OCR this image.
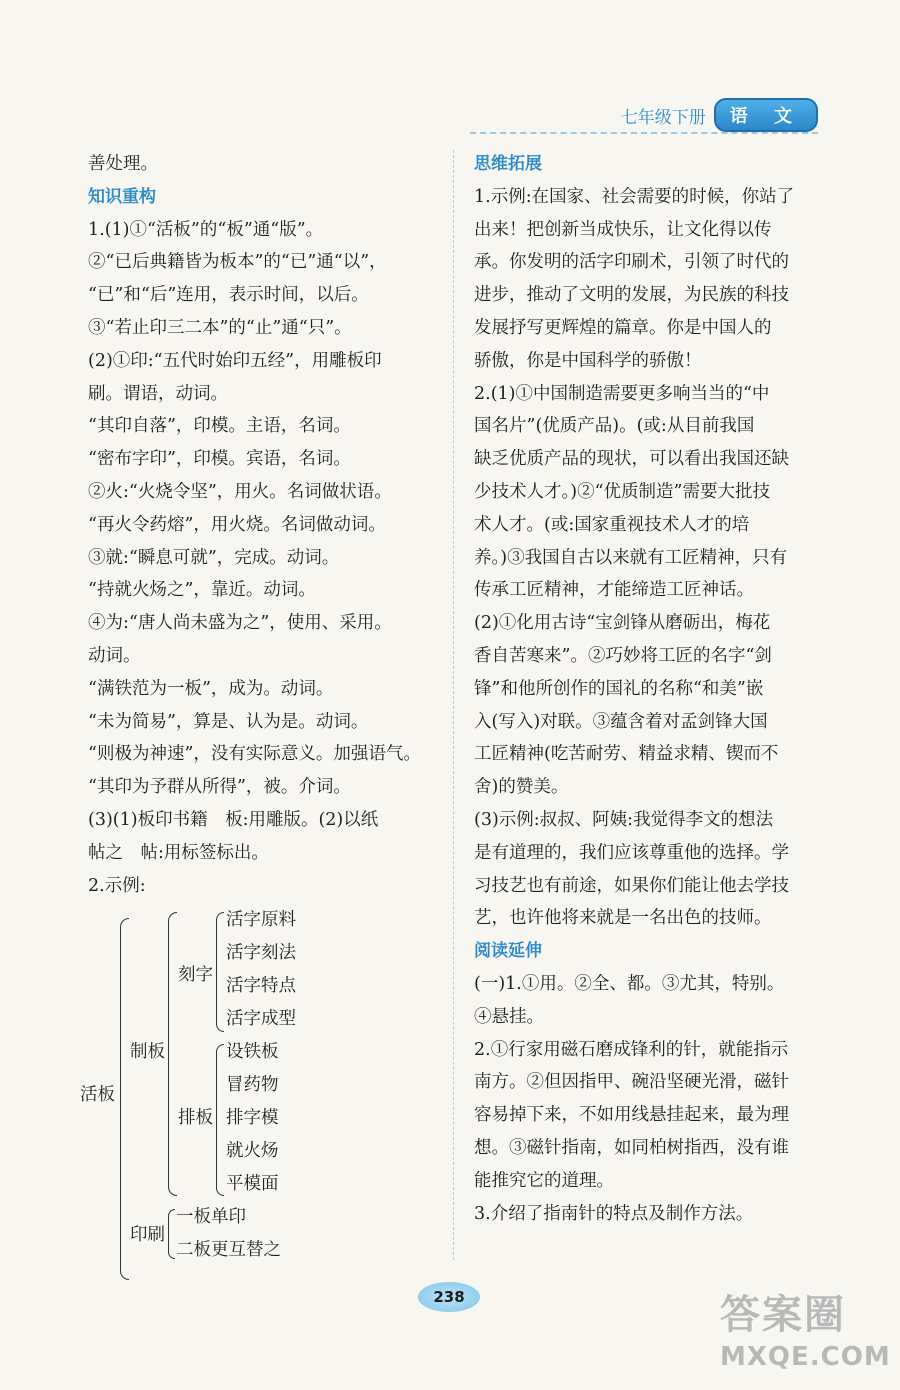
七年级下册	语 文
善处理。
知识重构
1.(1)①“活板”的“板”通“版”。
②“已后典籍皆为板本”的“已”通“以”，
“已”和“后”连用，表示时间，以后。
③“若止印三二本”的“止”通“只”。
(2)①印:“五代时始印五经”，用雕板印
刷。谓语，动词。
“其印自落”，印模。主语，名词。
“密布字印”，印模。宾语，名词。
②火:“火烧令坚”，用火。名词做状语。
“再火令药熔”，用火烧。名词做动词。
③就:“瞬息可就”，完成。动词。
“持就火炀之”，靠近。动词。
④为:“唐人尚未盛为之”，使用、采用。
动词。
“满铁范为一板”，成为。动词。
“未为简易”，算是、认为是。动词。
“则极为神速”，没有实际意义。加强语气。
“其印为予群从所得”，被。介词。
(3)(1)板印书籍　板:用雕版。(2)以纸
帖之　帖:用标签标出。
2.示例:
活板
制板
刻字
活字原料
活字刻法
活字特点
活字成型
排板
设铁板
冒药物
排字模
就火炀
平模面
印刷
一板单印
二板更互替之
思维拓展
1.示例:在国家、社会需要的时候，你站了
出来！把创新当成快乐，让文化得以传
承。你发明的活字印刷术，引领了时代的
进步，推动了文明的发展，为民族的科技
发展抒写更辉煌的篇章。你是中国人的
骄傲，你是中国科学的骄傲！
2.(1)①中国制造需要更多响当当的“中
国名片”(优质产品)。(或:从目前我国
缺乏优质产品的现状，可以看出我国还缺
少技术人才。)②“优质制造”需要大批技
术人才。(或:国家重视技术人才的培
养。)③我国自古以来就有工匠精神，只有
传承工匠精神，才能缔造工匠神话。
(2)①化用古诗“宝剑锋从磨砺出，梅花
香自苦寒来”。②巧妙将工匠的名字“剑
锋”和他所创作的国礼的名称“和美”嵌
入(写入)对联。③蕴含着对孟剑锋大国
工匠精神(吃苦耐劳、精益求精、锲而不
舍)的赞美。
(3)示例:叔叔、阿姨:我觉得李文的想法
是有道理的，我们应该尊重他的选择。学
习技艺也有前途，如果你们能让他去学技
艺，也许他将来就是一名出色的技师。
阅读延伸
(一)1.①用。②全、都。③尤其，特别。
④悬挂。
2.①行家用磁石磨成锋利的针，就能指示
南方。②但因指甲、碗沿坚硬光滑，磁针
容易掉下来，不如用线悬挂起来，最为理
想。③磁针指南，如同柏树指西，没有谁
能推究它的道理。
3.介绍了指南针的特点及制作方法。
238	答案圈
MXQE.COM
